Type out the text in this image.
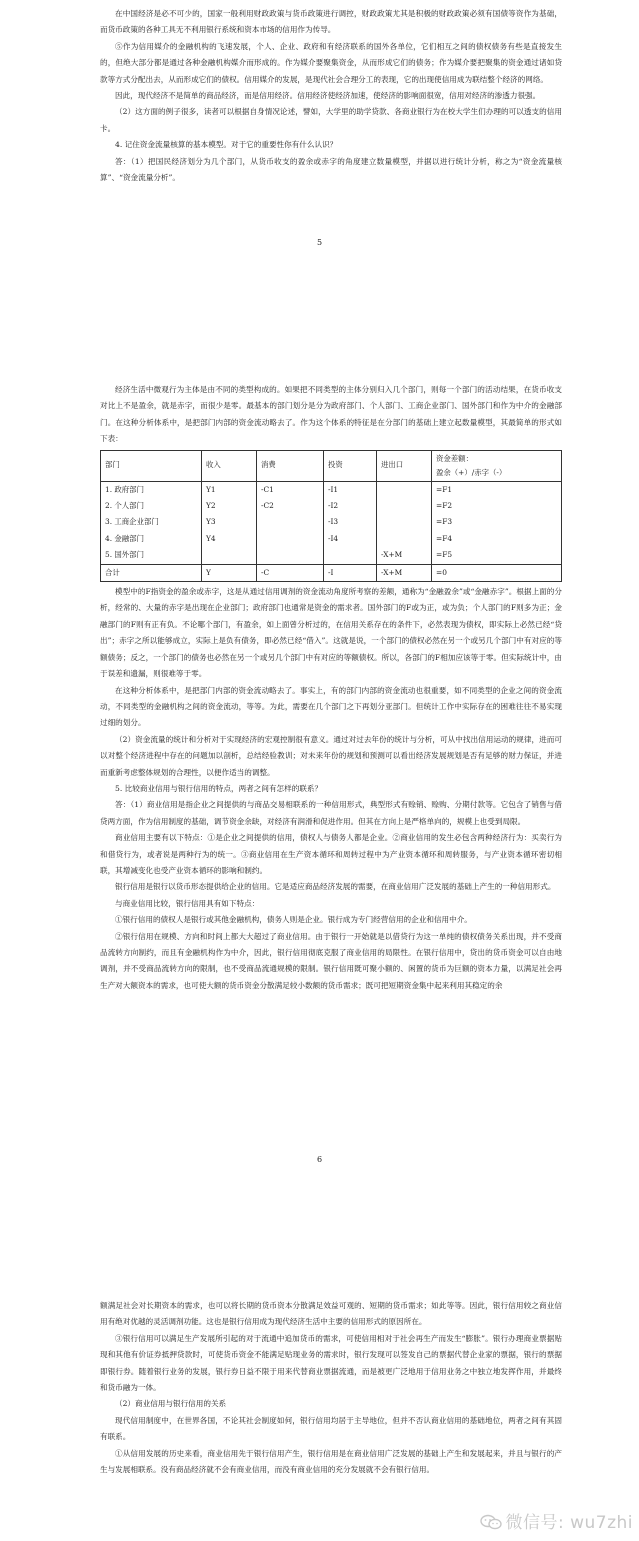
在中国经济是必不可少的，国家一般利用财政政策与货币政策进行调控，财政政策尤其是积极的财政政策必须有国债等资作为基础，而货币政策的各种工具无不利用银行系统和资本市场的信用作为传导。

⑤作为信用媒介的金融机构的飞速发展，个人、企业、政府和有经济联系的国外各单位，它们相互之间的债权债务有些是直接发生的，但绝大部分都是通过各种金融机构媒介而形成的。作为媒介要聚集资金，从而形成它们的债务；作为媒介要把聚集的资金通过诸如贷款等方式分配出去，从而形成它们的债权。信用媒介的发展，是现代社会合理分工的表现，它的出现使信用成为联结整个经济的网络。

因此，现代经济不是简单的商品经济，而是信用经济。信用经济使经济加速，使经济的影响面很宽，信用对经济的渗透力很强。

（2）这方面的例子很多，读者可以根据自身情况论述，譬如，大学里的助学贷款、各商业银行为在校大学生们办理的可以透支的信用卡。

4. 记住资金流量核算的基本模型。对于它的重要性你有什么认识？

答：（1）把国民经济划分为几个部门，从货币收支的盈余或赤字的角度建立数量模型，并据以进行统计分析，称之为“资金流量核算”、“资金流量分析”。

5

经济生活中微观行为主体是由不同的类型构成的。如果把不同类型的主体分别归入几个部门，则每一个部门的活动结果，在货币收支对比上不是盈余，就是赤字，而很少是零。最基本的部门划分是分为政府部门、个人部门、工商企业部门、国外部门和作为中介的金融部门。在这种分析体系中，是把部门内部的资金流动略去了。作为这个体系的特征是在分部门的基础上建立起数量模型，其最简单的形式如下表：

部门	收入	消费	投资	进出口	资金差额：
盈余（+）/赤字（-）

1. 政府部门	Y1	-C1	-I1		=F1
2. 个人部门	Y2	-C2	-I2		=F2
3. 工商企业部门	Y3		-I3		=F3
4. 金融部门	Y4		-I4		=F4
5. 国外部门				-X+M	=F5
合计	Y	-C	-I	-X+M	=0

模型中的F指资金的盈余或赤字，这是从通过信用调剂的资金流动角度所考察的差额，通称为“金融盈余”或“金融赤字”。根据上面的分析，经常的、大量的赤字是出现在企业部门；政府部门也通常是资金的需求者。国外部门的F或为正，或为负；个人部门的F则多为正；金融部门的F则有正有负。不论哪个部门，有盈余，如上面曾分析过的，在信用关系存在的条件下，必然表现为债权，即实际上必然已经“贷出”；赤字之所以能够成立，实际上是负有债务，即必然已经“借入”。这就是说，一个部门的债权必然在另一个或另几个部门中有对应的等额债务；反之，一个部门的债务也必然在另一个或另几个部门中有对应的等额债权。所以，各部门的F相加应该等于零。但实际统计中，由于误差和遗漏，则很难等于零。

在这种分析体系中，是把部门内部的资金流动略去了。事实上，有的部门内部的资金流动也很重要，如不同类型的企业之间的资金流动，不同类型的金融机构之间的资金流动，等等。为此，需要在几个部门之下再划分亚部门。但统计工作中实际存在的困难往往不易实现过细的划分。

（2）资金流量的统计和分析对于实现经济的宏观控制很有意义。通过对过去年份的统计与分析，可从中找出信用运动的规律，进而可以对整个经济进程中存在的问题加以剖析，总结经验教训；对未来年份的规划和预测可以看出经济发展规划是否有足够的财力保证，并进而重新考虑整体规划的合理性，以便作适当的调整。

5. 比较商业信用与银行信用的特点，两者之间有怎样的联系？

答：（1）商业信用是指企业之间提供的与商品交易相联系的一种信用形式，典型形式有赊销、赊购、分期付款等。它包含了销售与借贷两方面，作为信用制度的基础，调节资金余缺，对经济有润滑和促进作用。但其在方向上是严格单向的，规模上也受到局限。

商业信用主要有以下特点：①是企业之间提供的信用，债权人与债务人都是企业。②商业信用的发生必包含两种经济行为：买卖行为和借贷行为，或者说是两种行为的统一。③商业信用在生产资本循环和周转过程中为产业资本循环和周转服务，与产业资本循环密切相联，其增减变化也受产业资本循环的影响和制约。

银行信用是银行以货币形态提供给企业的信用。它是适应商品经济发展的需要，在商业信用广泛发展的基础上产生的一种信用形式。

与商业信用比较，银行信用具有如下特点：

①银行信用的债权人是银行或其他金融机构，债务人则是企业。银行成为专门经营信用的企业和信用中介。

②银行信用在规模、方向和时间上都大大超过了商业信用。由于银行一开始就是以借贷行为这一单纯的债权债务关系出现，并不受商品流转方向制约，而且有金融机构作为中介，因此，银行信用彻底克服了商业信用的局限性。在银行信用中，贷出的货币资金可以自由地调剂，并不受商品流转方向的限制，也不受商品流通规模的限制。银行信用既可聚小额的、闲置的货币为巨额的资本力量，以满足社会再生产对大额资本的需求，也可使大额的货币资金分散满足较小数额的货币需求；既可把短期资金集中起来利用其稳定的余

6

额满足社会对长期资本的需求，也可以将长期的货币资本分散满足效益可观的、短期的货币需求；如此等等。因此，银行信用较之商业信用有绝对优越的灵活调剂功能。这也是银行信用成为现代经济生活中主要的信用形式的原因所在。

③银行信用可以满足生产发展所引起的对于流通中追加货币的需求，可使信用相对于社会再生产而发生“膨胀”。银行办理商业票据贴现和其他有价证券抵押贷款时，可使货币资金不能满足贴现业务的需求时，银行发现可以签发自己的票据代替企业家的票据，银行的票据即银行券。随着银行业务的发展，银行券日益不限于用来代替商业票据流通，而是被更广泛地用于信用业务之中独立地发挥作用，并最终和货币融为一体。

（2）商业信用与银行信用的关系

现代信用制度中，在世界各国，不论其社会制度如何，银行信用均居于主导地位，但并不否认商业信用的基础地位，两者之间有其固有联系。

①从信用发展的历史来看，商业信用先于银行信用产生，银行信用是在商业信用广泛发展的基础上产生和发展起来，并且与银行的产生与发展相联系。没有商品经济就不会有商业信用，而没有商业信用的充分发展就不会有银行信用。

微信号: wu7zhi
